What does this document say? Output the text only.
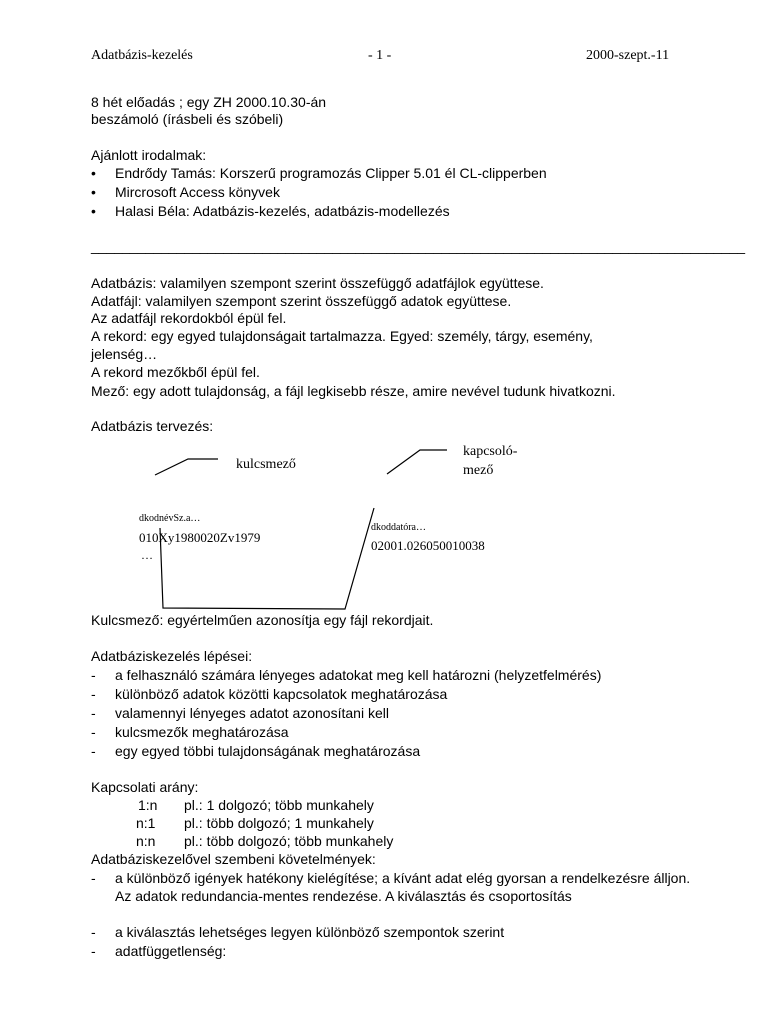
Adatbázis-kezelés	- 1 -	2000-szept.-11
8 hét előadás ; egy ZH 2000.10.30-án
beszámoló (írásbeli és szóbeli)
Ajánlott irodalmak:
• Endrődy Tamás: Korszerű programozás Clipper 5.01 él CL-clipperben
• Mircrosoft Access könyvek
• Halasi Béla: Adatbázis-kezelés, adatbázis-modellezés
____________________________________________________________________________________
Adatbázis: valamilyen szempont szerint összefüggő adatfájlok együttese.
Adatfájl: valamilyen szempont szerint összefüggő adatok együttese.
Az adatfájl rekordokból épül fel.
A rekord: egy egyed tulajdonságait tartalmazza. Egyed: személy, tárgy, esemény,
jelenség…
A rekord mezőkből épül fel.
Mező: egy adott tulajdonság, a fájl legkisebb része, amire nevével tudunk hivatkozni.
Adatbázis tervezés:
kulcsmező
kapcsoló-
mező
dkodnévSz.a…
010Xy1980020Zv1979
…
dkoddatóra…
02001.026050010038
Kulcsmező: egyértelműen azonosítja egy fájl rekordjait.
Adatbáziskezelés lépései:
- a felhasználó számára lényeges adatokat meg kell határozni (helyzetfelmérés)
- különböző adatok közötti kapcsolatok meghatározása
- valamennyi lényeges adatot azonosítani kell
- kulcsmezők meghatározása
- egy egyed többi tulajdonságának meghatározása
Kapcsolati arány:
1:n pl.: 1 dolgozó; több munkahely
n:1 pl.: több dolgozó; 1 munkahely
n:n pl.: több dolgozó; több munkahely
Adatbáziskezelővel szembeni követelmények:
- a különböző igények hatékony kielégítése; a kívánt adat elég gyorsan a rendelkezésre álljon. Az adatok redundancia-mentes rendezése. A kiválasztás és csoportosítás
- a kiválasztás lehetséges legyen különböző szempontok szerint
- adatfüggetlenség:
